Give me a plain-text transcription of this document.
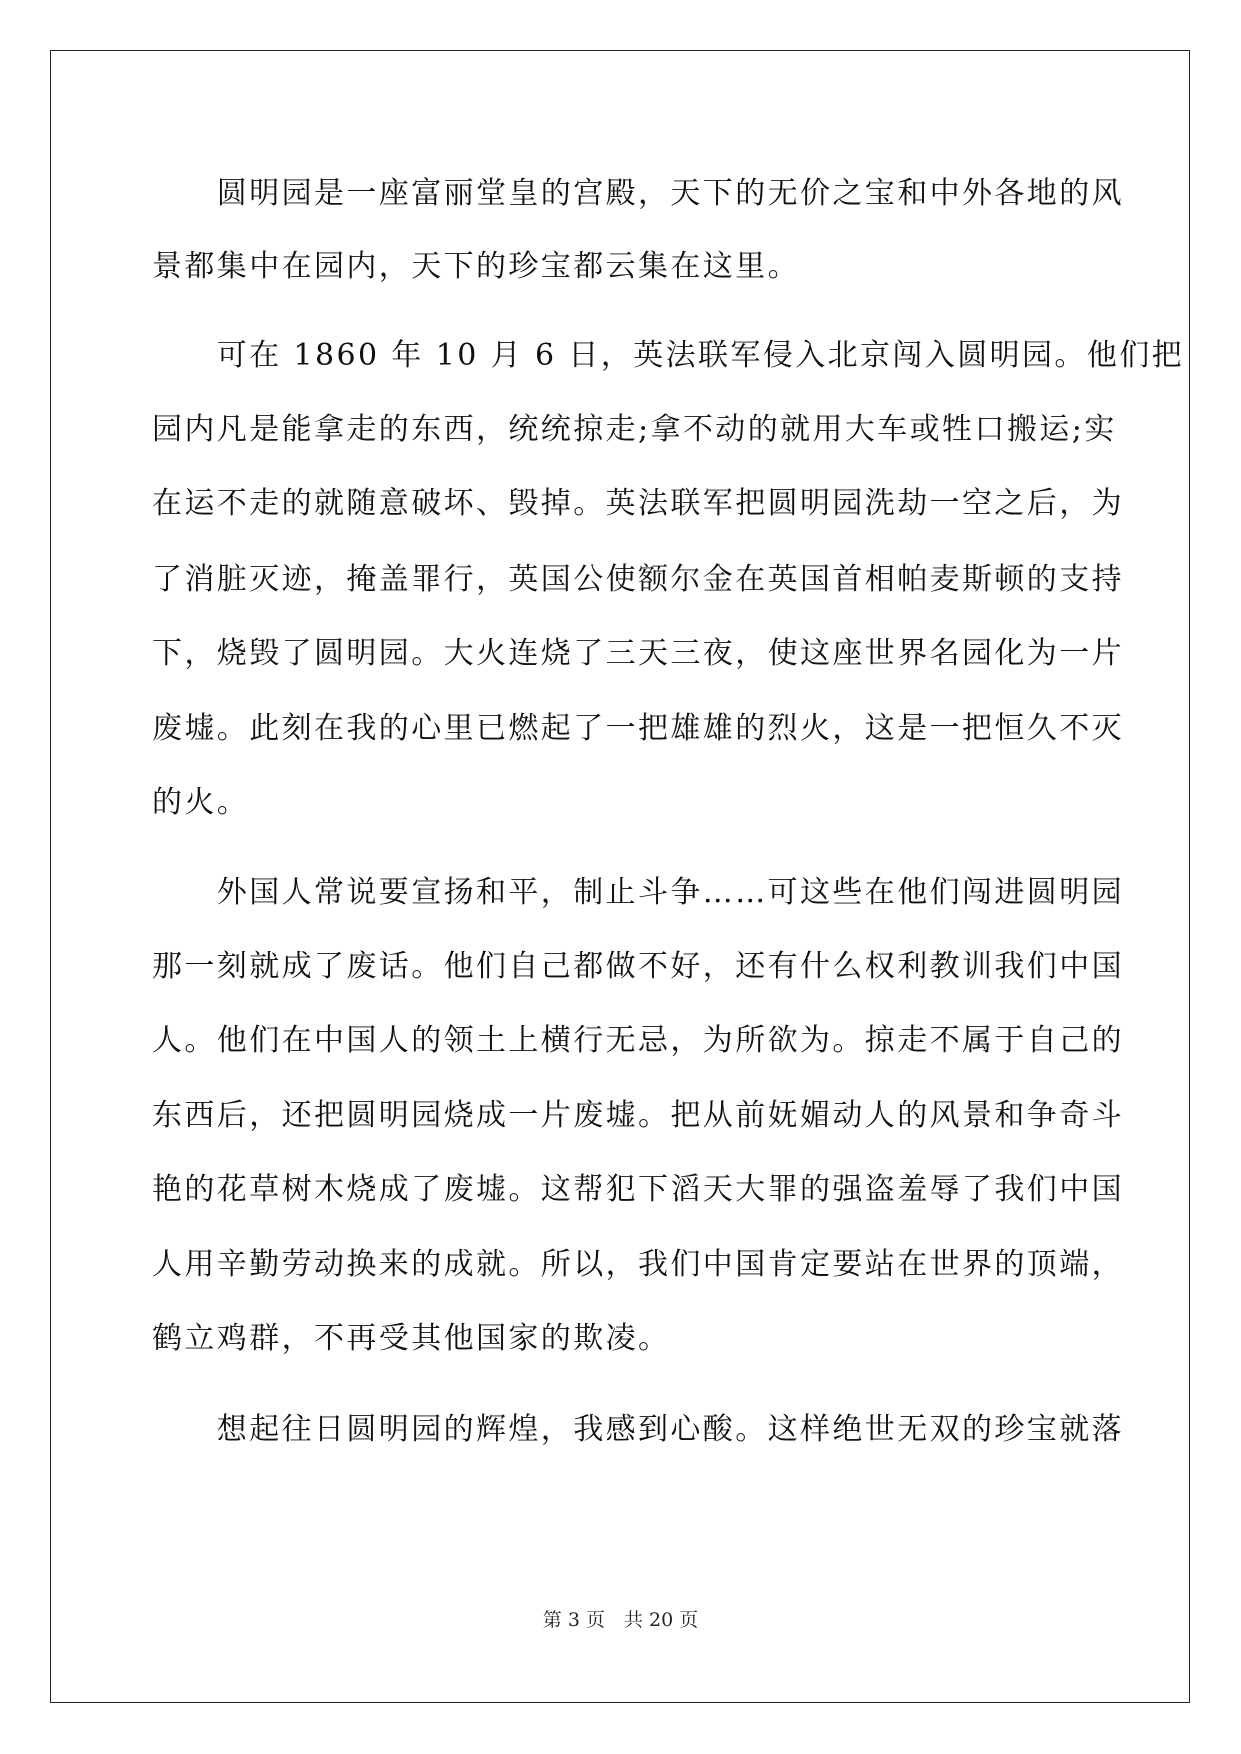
　　圆明园是一座富丽堂皇的宫殿，天下的无价之宝和中外各地的风
景都集中在园内，天下的珍宝都云集在这里。
　　可在 1860 年 10 月 6 日，英法联军侵入北京闯入圆明园。他们把
园内凡是能拿走的东西，统统掠走;拿不动的就用大车或牲口搬运;实
在运不走的就随意破坏、毁掉。英法联军把圆明园洗劫一空之后，为
了消脏灭迹，掩盖罪行，英国公使额尔金在英国首相帕麦斯顿的支持
下，烧毁了圆明园。大火连烧了三天三夜，使这座世界名园化为一片
废墟。此刻在我的心里已燃起了一把雄雄的烈火，这是一把恒久不灭
的火。
　　外国人常说要宣扬和平，制止斗争……可这些在他们闯进圆明园
那一刻就成了废话。他们自己都做不好，还有什么权利教训我们中国
人。他们在中国人的领土上横行无忌，为所欲为。掠走不属于自己的
东西后，还把圆明园烧成一片废墟。把从前妩媚动人的风景和争奇斗
艳的花草树木烧成了废墟。这帮犯下滔天大罪的强盗羞辱了我们中国
人用辛勤劳动换来的成就。所以，我们中国肯定要站在世界的顶端，
鹤立鸡群，不再受其他国家的欺凌。
　　想起往日圆明园的辉煌，我感到心酸。这样绝世无双的珍宝就落
第 3 页　共 20 页
